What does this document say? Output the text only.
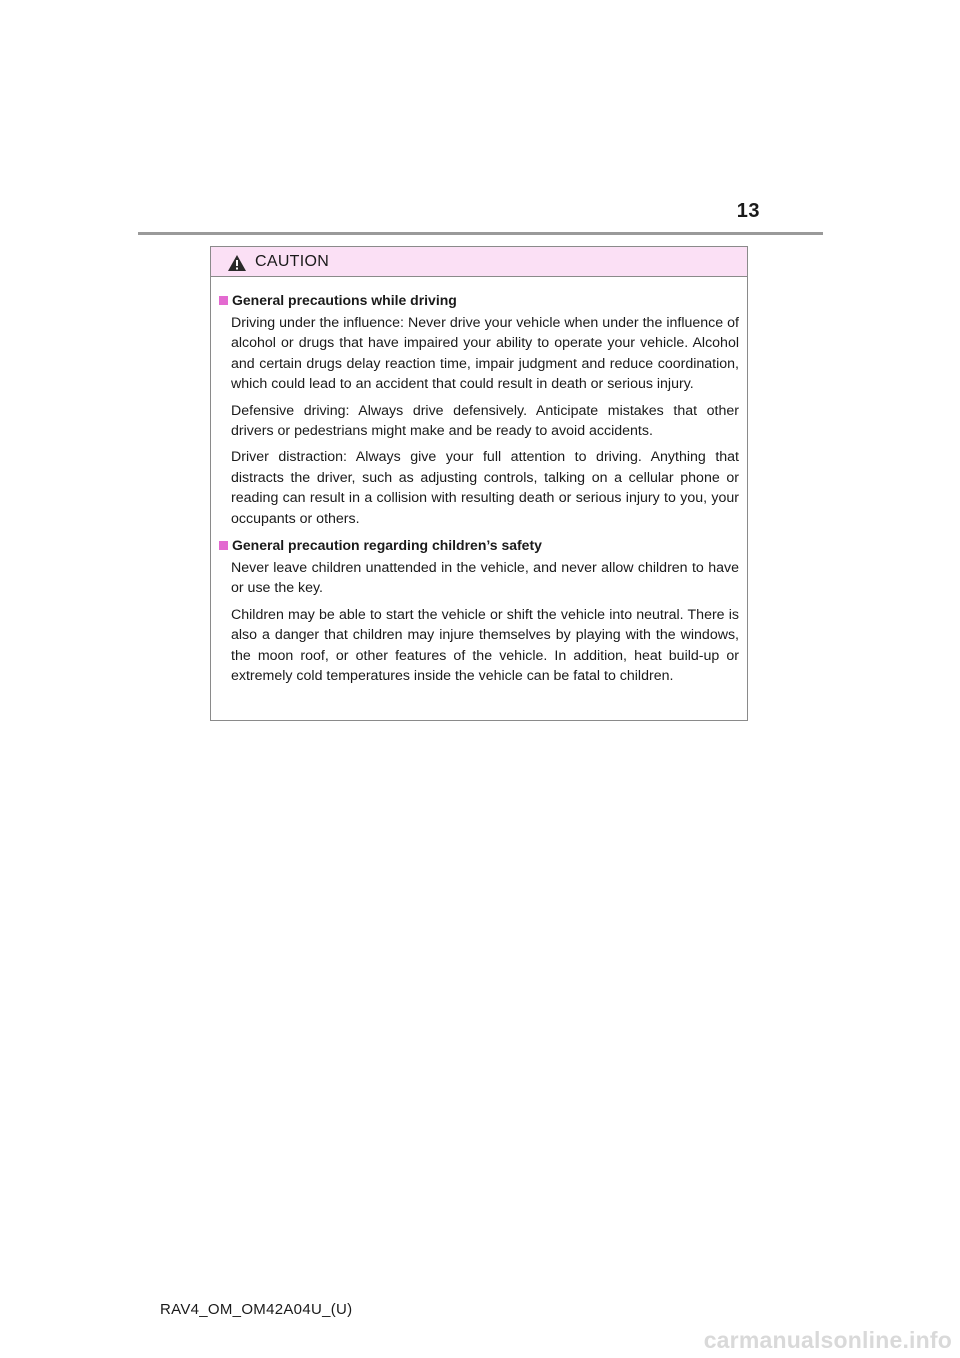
13
CAUTION
General precautions while driving

Driving under the influence: Never drive your vehicle when under the influence of alcohol or drugs that have impaired your ability to operate your vehicle. Alcohol and certain drugs delay reaction time, impair judgment and reduce coordination, which could lead to an accident that could result in death or serious injury.

Defensive driving: Always drive defensively. Anticipate mistakes that other drivers or pedestrians might make and be ready to avoid accidents.

Driver distraction: Always give your full attention to driving. Anything that distracts the driver, such as adjusting controls, talking on a cellular phone or reading can result in a collision with resulting death or serious injury to you, your occupants or others.

General precaution regarding children’s safety

Never leave children unattended in the vehicle, and never allow children to have or use the key.

Children may be able to start the vehicle or shift the vehicle into neutral. There is also a danger that children may injure themselves by playing with the windows, the moon roof, or other features of the vehicle. In addition, heat build-up or extremely cold temperatures inside the vehicle can be fatal to children.

RAV4_OM_OM42A04U_(U)
carmanualsonline.info
